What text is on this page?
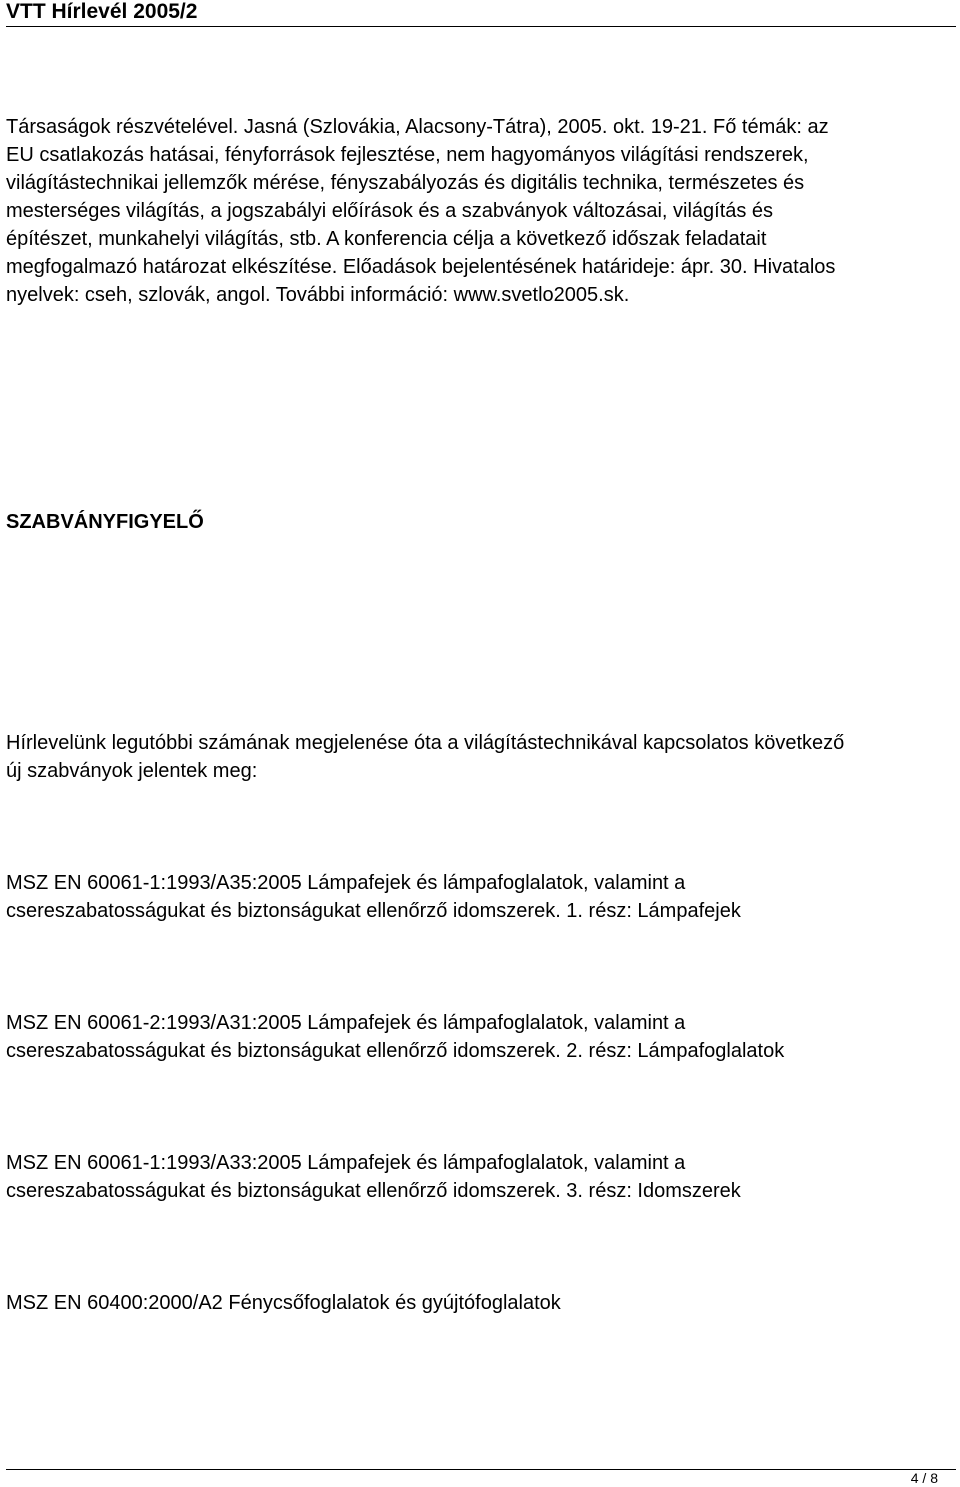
VTT Hírlevél 2005/2

Társaságok részvételével. Jasná (Szlovákia, Alacsony-Tátra), 2005. okt. 19-21. Fő témák: az
EU csatlakozás hatásai, fényforrások fejlesztése, nem hagyományos világítási rendszerek,
világítástechnikai jellemzők mérése, fényszabályozás és digitális technika, természetes és
mesterséges világítás, a jogszabályi előírások és a szabványok változásai, világítás és
építészet, munkahelyi világítás, stb. A konferencia célja a következő időszak feladatait
megfogalmazó határozat elkészítése. Előadások bejelentésének határideje: ápr. 30. Hivatalos
nyelvek: cseh, szlovák, angol. További információ: www.svetlo2005.sk.

SZABVÁNYFIGYELŐ

Hírlevelünk legutóbbi számának megjelenése óta a világítástechnikával kapcsolatos következő
új szabványok jelentek meg:

MSZ EN 60061-1:1993/A35:2005 Lámpafejek és lámpafoglalatok, valamint a
csereszabatosságukat és biztonságukat ellenőrző idomszerek. 1. rész: Lámpafejek

MSZ EN 60061-2:1993/A31:2005 Lámpafejek és lámpafoglalatok, valamint a
csereszabatosságukat és biztonságukat ellenőrző idomszerek. 2. rész: Lámpafoglalatok

MSZ EN 60061-1:1993/A33:2005 Lámpafejek és lámpafoglalatok, valamint a
csereszabatosságukat és biztonságukat ellenőrző idomszerek. 3. rész: Idomszerek

MSZ EN 60400:2000/A2 Fénycsőfoglalatok és gyújtófoglalatok

4 / 8
